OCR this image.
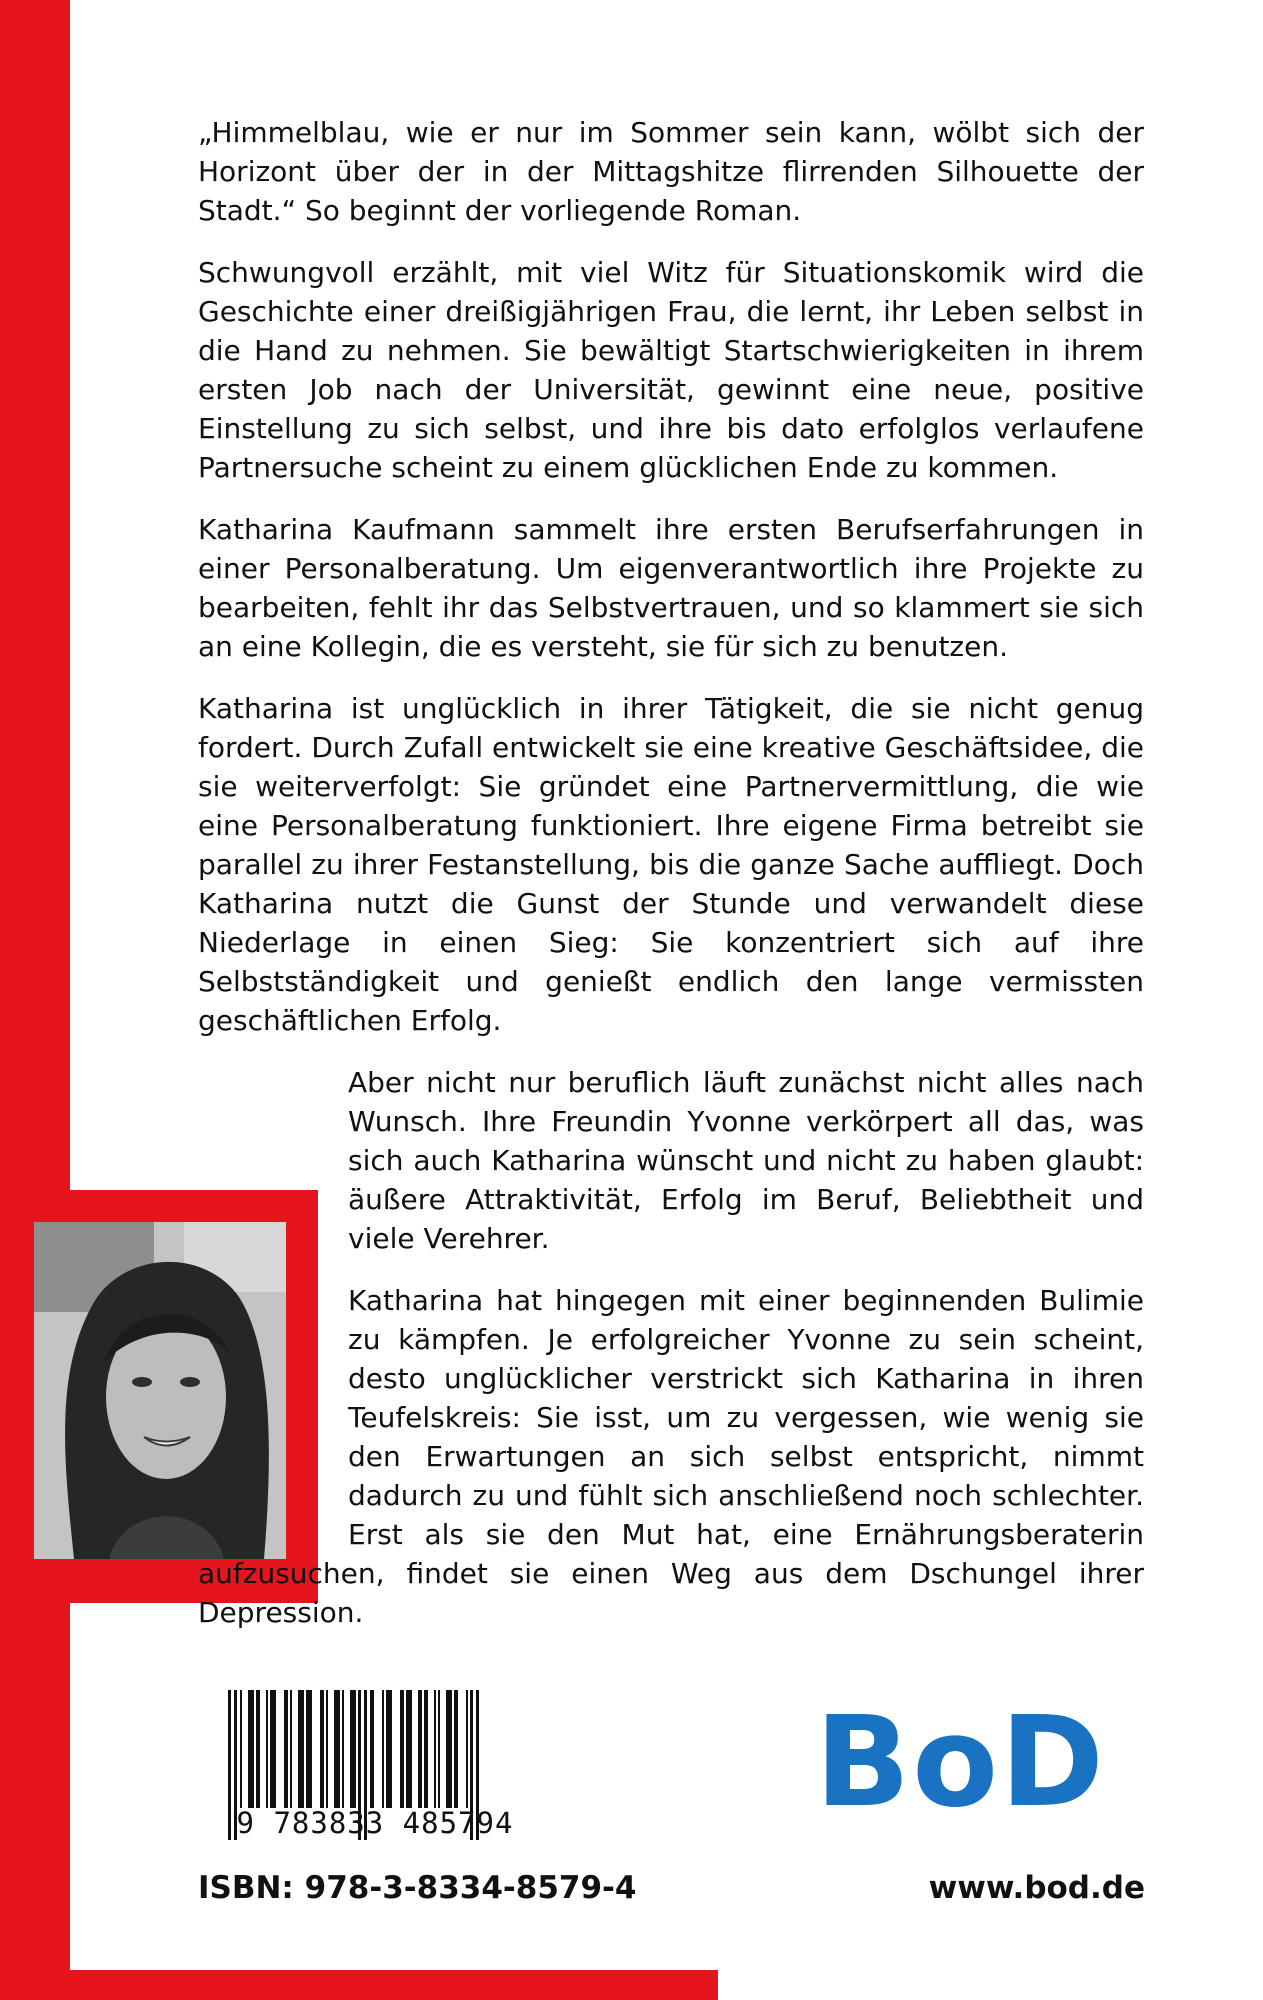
„Himmelblau, wie er nur im Sommer sein kann, wölbt sich der Horizont über der in der Mittagshitze flirrenden Silhouette der Stadt.“ So beginnt der vorliegende Roman.

Schwungvoll erzählt, mit viel Witz für Situationskomik wird die Geschichte einer dreißigjährigen Frau, die lernt, ihr Leben selbst in die Hand zu nehmen. Sie bewältigt Startschwierigkeiten in ihrem ersten Job nach der Universität, gewinnt eine neue, positive Einstellung zu sich selbst, und ihre bis dato erfolglos verlaufene Partnersuche scheint zu einem glücklichen Ende zu kommen.

Katharina Kaufmann sammelt ihre ersten Berufserfahrungen in einer Personalberatung. Um eigenverantwortlich ihre Projekte zu bearbeiten, fehlt ihr das Selbstvertrauen, und so klammert sie sich an eine Kollegin, die es versteht, sie für sich zu benutzen.

Katharina ist unglücklich in ihrer Tätigkeit, die sie nicht genug fordert. Durch Zufall entwickelt sie eine kreative Geschäftsidee, die sie weiterverfolgt: Sie gründet eine Partnervermittlung, die wie eine Personalberatung funktioniert. Ihre eigene Firma betreibt sie parallel zu ihrer Festanstellung, bis die ganze Sache auffliegt. Doch Katharina nutzt die Gunst der Stunde und verwandelt diese Niederlage in einen Sieg: Sie konzentriert sich auf ihre Selbstständigkeit und genießt endlich den lange vermissten geschäftlichen Erfolg.

Aber nicht nur beruflich läuft zunächst nicht alles nach Wunsch. Ihre Freundin Yvonne verkörpert all das, was sich auch Katharina wünscht und nicht zu haben glaubt: äußere Attraktivität, Erfolg im Beruf, Beliebtheit und viele Verehrer.

Katharina hat hingegen mit einer beginnenden Bulimie zu kämpfen. Je erfolgreicher Yvonne zu sein scheint, desto unglücklicher verstrickt sich Katharina in ihren Teufelskreis: Sie isst, um zu vergessen, wie wenig sie den Erwartungen an sich selbst entspricht, nimmt dadurch zu und fühlt sich anschließend noch schlechter. Erst als sie den Mut hat, eine Ernährungsberaterin aufzusuchen, findet sie einen Weg aus dem Dschungel ihrer Depression.

9 783833 485794
ISBN: 978-3-8334-8579-4
BoD
www.bod.de
